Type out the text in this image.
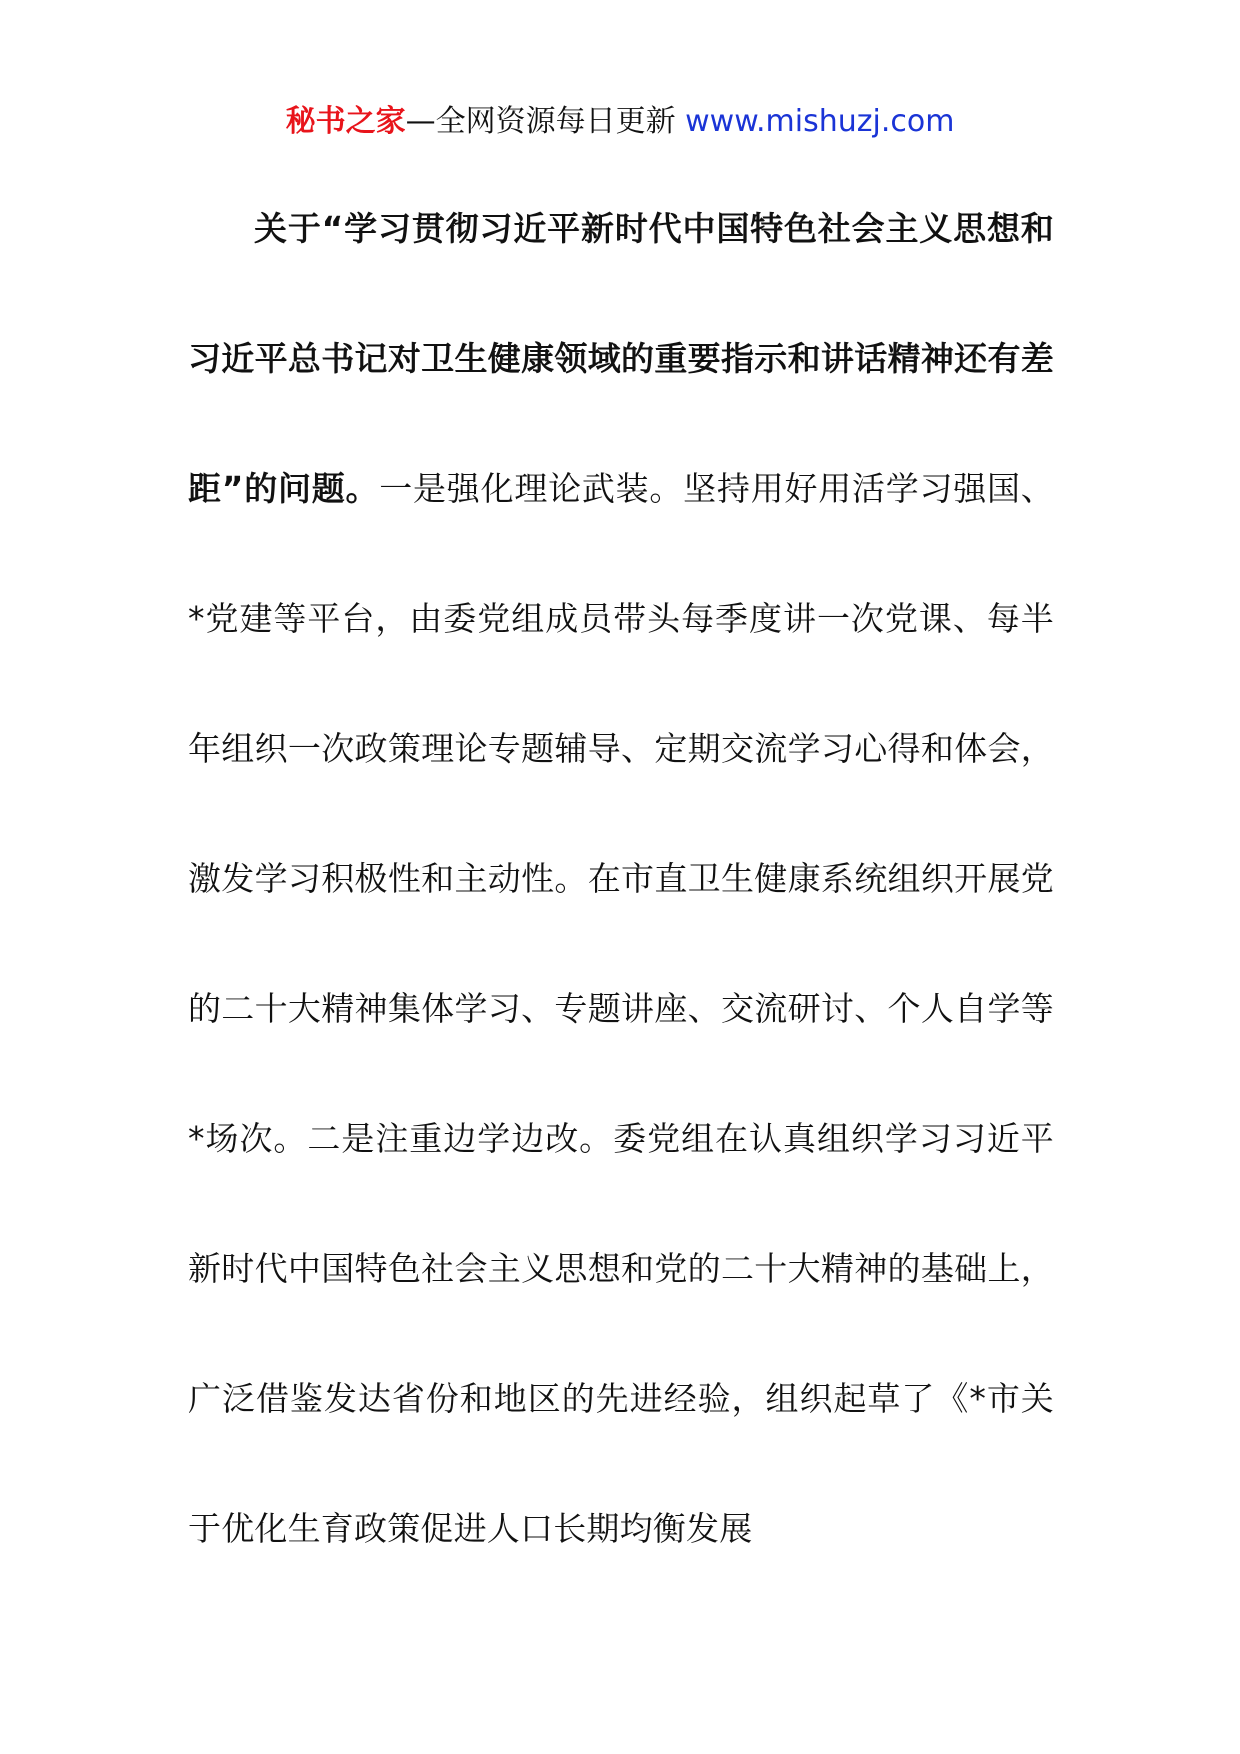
秘书之家—全网资源每日更新 www.mishuzj.com

关于“学习贯彻习近平新时代中国特色社会主义思想和习近平总书记对卫生健康领域的重要指示和讲话精神还有差距”的问题。一是强化理论武装。坚持用好用活学习强国、*党建等平台，由委党组成员带头每季度讲一次党课、每半年组织一次政策理论专题辅导、定期交流学习心得和体会，激发学习积极性和主动性。在市直卫生健康系统组织开展党的二十大精神集体学习、专题讲座、交流研讨、个人自学等*场次。二是注重边学边改。委党组在认真组织学习习近平新时代中国特色社会主义思想和党的二十大精神的基础上，广泛借鉴发达省份和地区的先进经验，组织起草了《*市关于优化生育政策促进人口长期均衡发展
